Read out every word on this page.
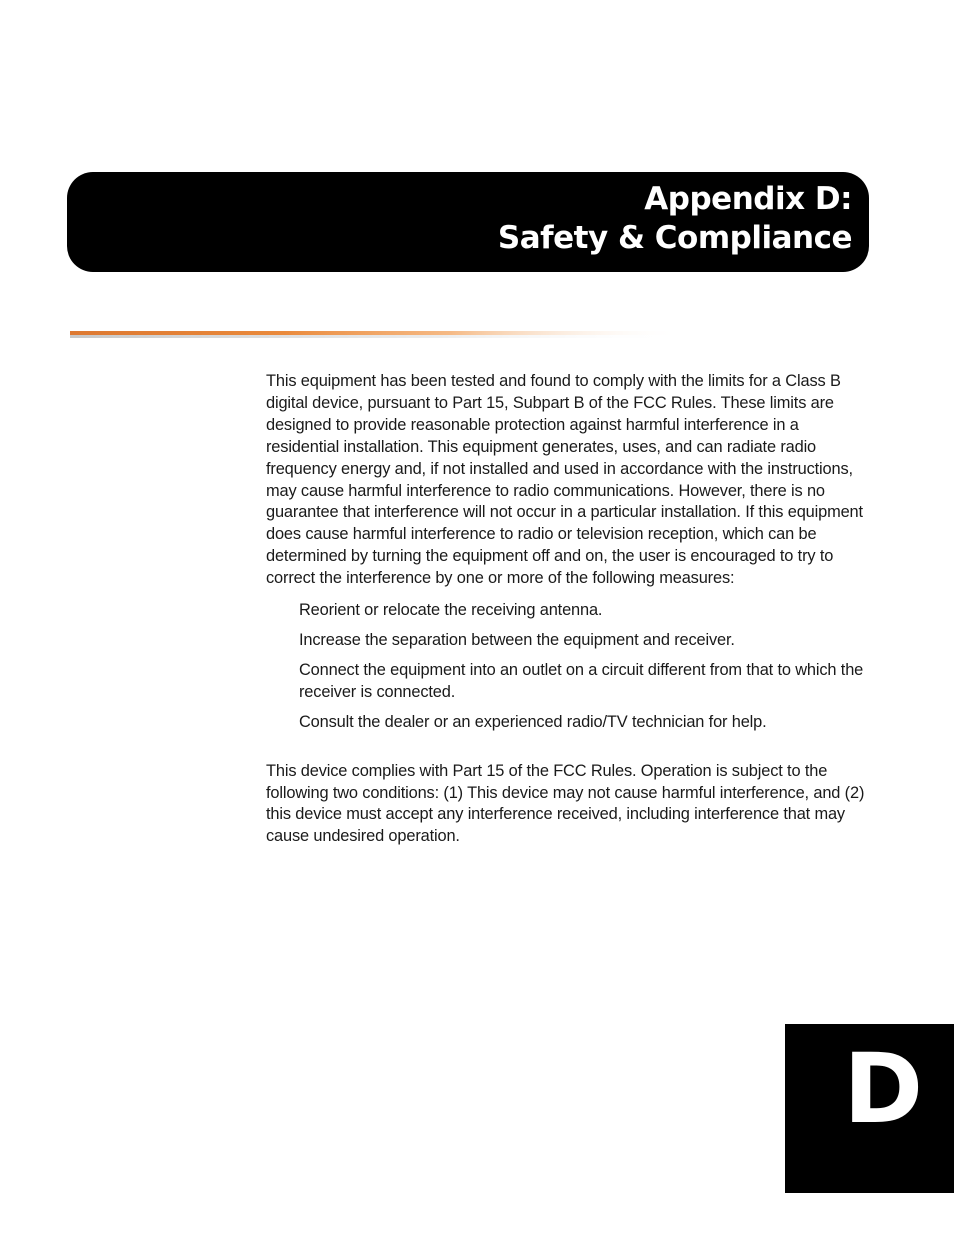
Appendix D:
Safety & Compliance

This equipment has been tested and found to comply with the limits for a Class B digital device, pursuant to Part 15, Subpart B of the FCC Rules. These limits are designed to provide reasonable protection against harmful interference in a residential installation. This equipment generates, uses, and can radiate radio frequency energy and, if not installed and used in accordance with the instructions, may cause harmful interference to radio communications. However, there is no guarantee that interference will not occur in a particular installation. If this equipment does cause harmful interference to radio or television reception, which can be determined by turning the equipment off and on, the user is encouraged to try to correct the interference by one or more of the following measures:

Reorient or relocate the receiving antenna.
Increase the separation between the equipment and receiver.
Connect the equipment into an outlet on a circuit different from that to which the receiver is connected.
Consult the dealer or an experienced radio/TV technician for help.

This device complies with Part 15 of the FCC Rules. Operation is subject to the following two conditions: (1) This device may not cause harmful interference, and (2) this device must accept any interference received, including interference that may cause undesired operation.

D
